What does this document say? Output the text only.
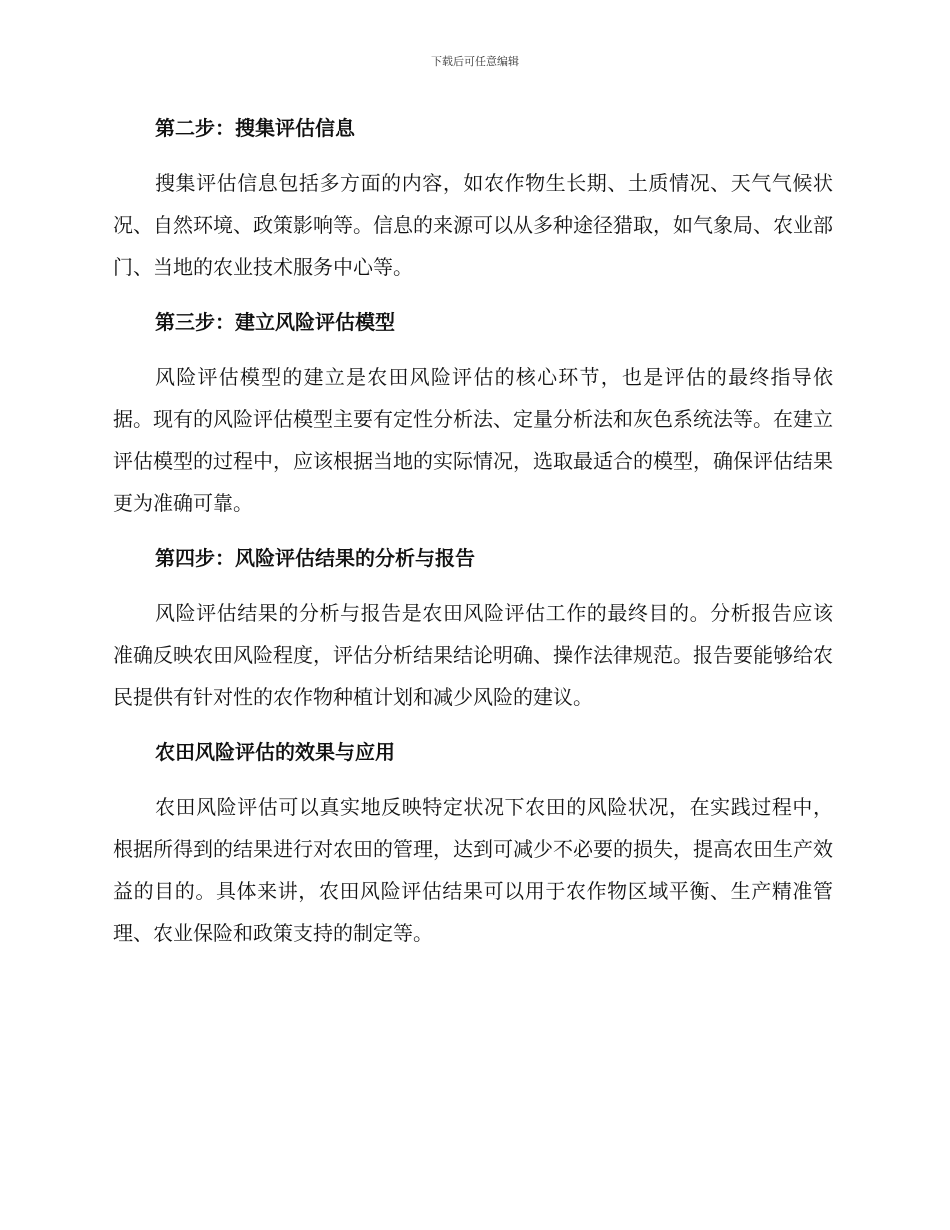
下载后可任意编辑
第二步：搜集评估信息

搜集评估信息包括多方面的内容，如农作物生长期、土质情况、天气气候状况、自然环境、政策影响等。信息的来源可以从多种途径猎取，如气象局、农业部门、当地的农业技术服务中心等。

第三步：建立风险评估模型

风险评估模型的建立是农田风险评估的核心环节，也是评估的最终指导依据。现有的风险评估模型主要有定性分析法、定量分析法和灰色系统法等。在建立评估模型的过程中，应该根据当地的实际情况，选取最适合的模型，确保评估结果更为准确可靠。

第四步：风险评估结果的分析与报告

风险评估结果的分析与报告是农田风险评估工作的最终目的。分析报告应该准确反映农田风险程度，评估分析结果结论明确、操作法律规范。报告要能够给农民提供有针对性的农作物种植计划和减少风险的建议。

农田风险评估的效果与应用

农田风险评估可以真实地反映特定状况下农田的风险状况，在实践过程中，根据所得到的结果进行对农田的管理，达到可减少不必要的损失，提高农田生产效益的目的。具体来讲，农田风险评估结果可以用于农作物区域平衡、生产精准管理、农业保险和政策支持的制定等。
